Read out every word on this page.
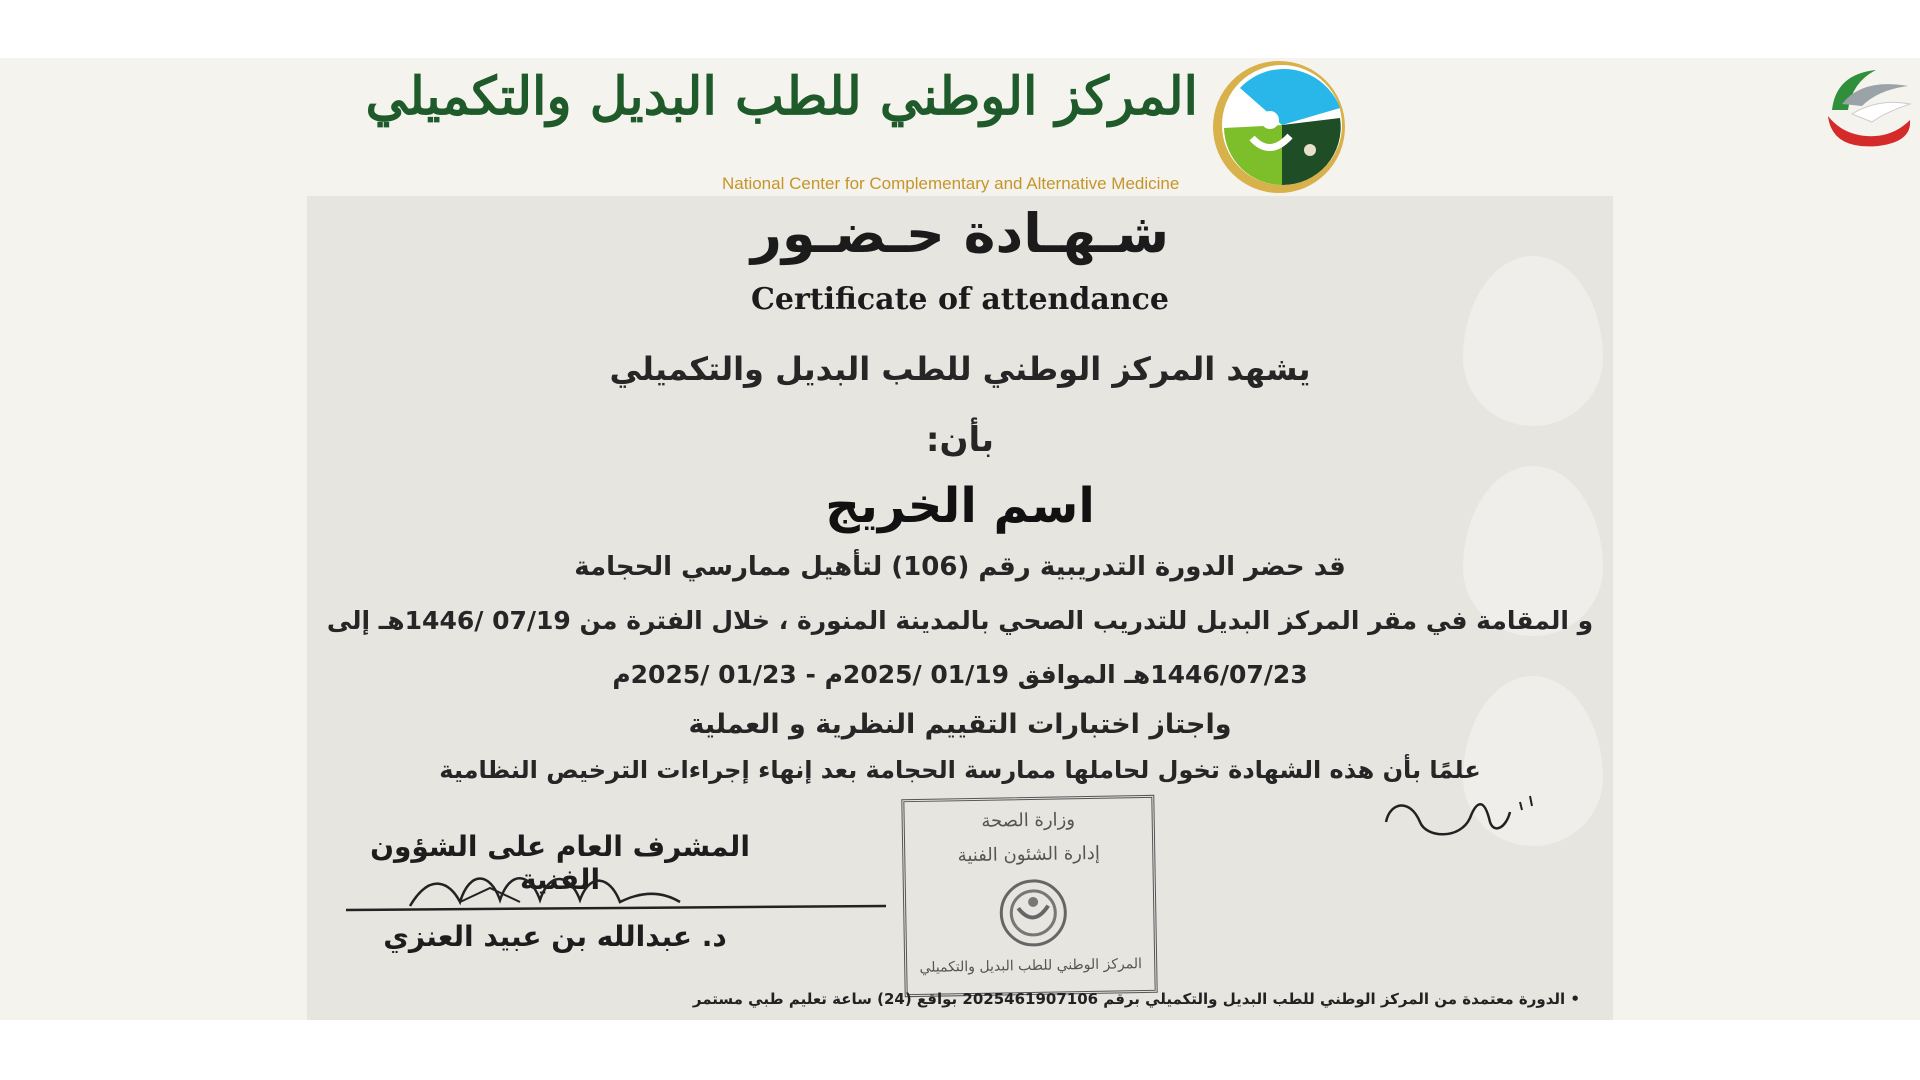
المركز الوطني للطب البديل والتكميلي
National Center for Complementary and Alternative Medicine
شـهـادة حـضـور
Certificate of attendance
يشهد المركز الوطني للطب البديل والتكميلي
بأن:
اسم الخريج
قد حضر الدورة التدريبية رقم (106) لتأهيل ممارسي الحجامة
و المقامة في مقر المركز البديل للتدريب الصحي بالمدينة المنورة ، خلال الفترة من 07/19 /1446هـ إلى
1446/07/23هـ الموافق 01/19 /2025م - 01/23 /2025م
واجتاز اختبارات التقييم النظرية و العملية
علمًا بأن هذه الشهادة تخول لحاملها ممارسة الحجامة بعد إنهاء إجراءات الترخيص النظامية
المشرف العام على الشؤون الفنية
د. عبدالله بن عبيد العنزي
وزارة الصحة
إدارة الشئون الفنية
المركز الوطني للطب البديل والتكميلي
• الدورة معتمدة من المركز الوطني للطب البديل والتكميلي برقم 2025461907106 بواقع (24) ساعة تعليم طبي مستمر
